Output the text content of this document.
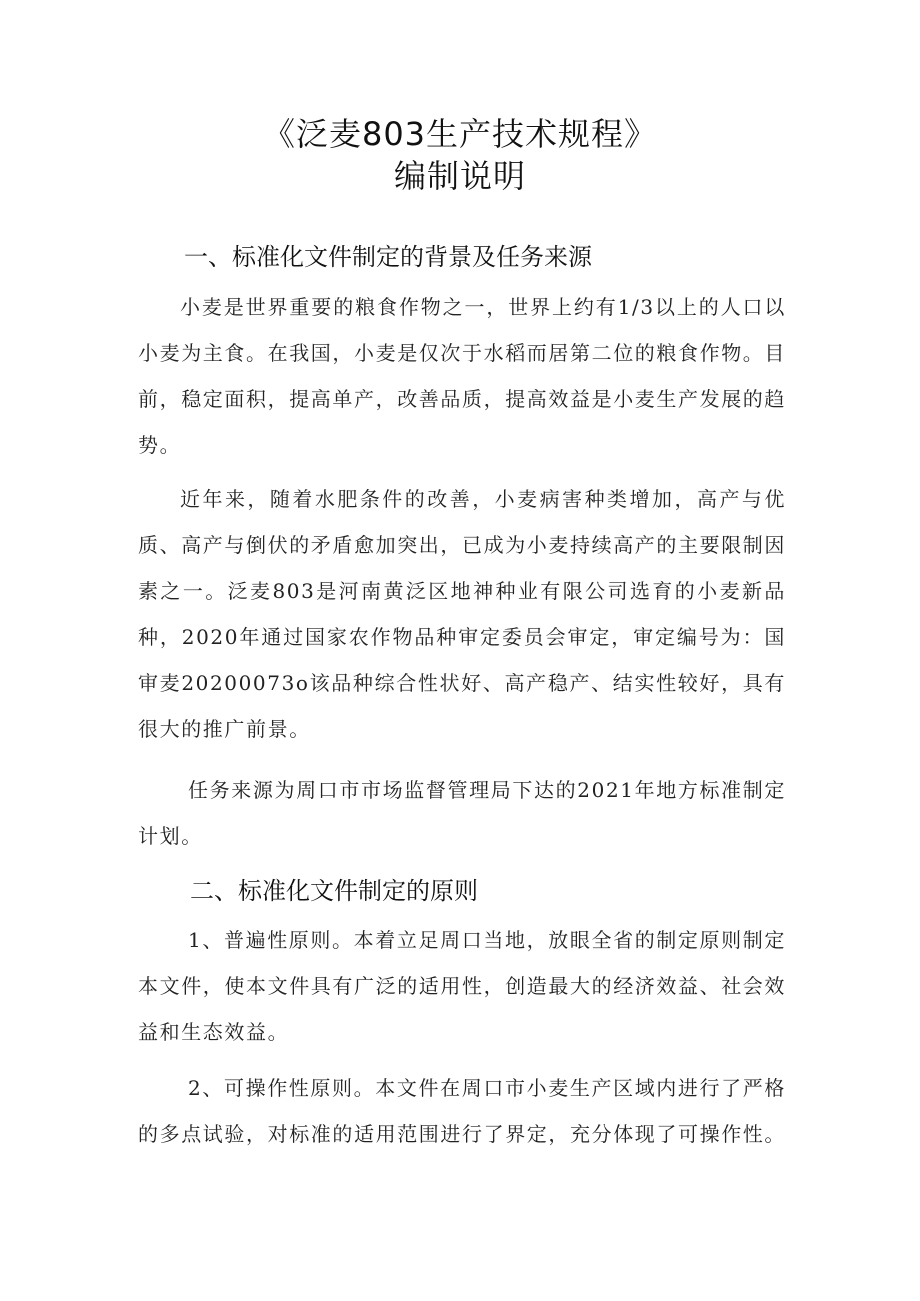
《泛麦803生产技术规程》
编制说明
一、标准化文件制定的背景及任务来源

小麦是世界重要的粮食作物之一，世界上约有1/3以上的人口以小麦为主食。在我国，小麦是仅次于水稻而居第二位的粮食作物。目前，稳定面积，提高单产，改善品质，提高效益是小麦生产发展的趋势。

近年来，随着水肥条件的改善，小麦病害种类增加，高产与优质、高产与倒伏的矛盾愈加突出，已成为小麦持续高产的主要限制因素之一。泛麦803是河南黄泛区地神种业有限公司选育的小麦新品种，2020年通过国家农作物品种审定委员会审定，审定编号为：国审麦20200073o该品种综合性状好、高产稳产、结实性较好，具有很大的推广前景。

任务来源为周口市市场监督管理局下达的2021年地方标准制定计划。

二、标准化文件制定的原则

1、普遍性原则。本着立足周口当地，放眼全省的制定原则制定本文件，使本文件具有广泛的适用性，创造最大的经济效益、社会效益和生态效益。

2、可操作性原则。本文件在周口市小麦生产区域内进行了严格的多点试验，对标准的适用范围进行了界定，充分体现了可操作性。
